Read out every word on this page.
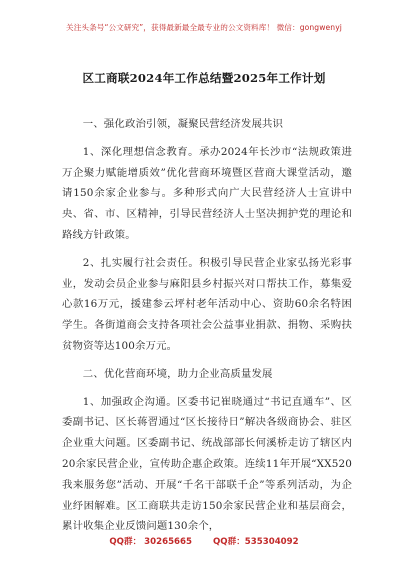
关注头条号“公文研究”，获得最新最全最专业的公文资料库！ 微信：gongwenyj
区工商联2024年工作总结暨2025年工作计划

一、强化政治引领，凝聚民营经济发展共识

1、深化理想信念教育。承办2024年长沙市“法规政策进万企聚力赋能增质效”优化营商环境暨区营商大课堂活动，邀请150余家企业参与。多种形式向广大民营经济人士宣讲中央、省、市、区精神，引导民营经济人士坚决拥护党的理论和路线方针政策。

2、扎实履行社会责任。积极引导民营企业家弘扬光彩事业，发动会员企业参与麻阳县乡村振兴对口帮扶工作，募集爱心款16万元，援建参云坪村老年活动中心、资助60余名特困学生。各街道商会支持各项社会公益事业捐款、捐物、采购扶贫物资等达100余万元。

二、优化营商环境，助力企业高质量发展

1、加强政企沟通。区委书记崔晓通过“书记直通车”、区委副书记、区长蒋習通过“区长接待日”解决各级商协会、驻区企业重大问题。区委副书记、统战部部长何溪桥走访了辖区内20余家民营企业，宣传助企惠企政策。连续11年开展“XX520我来服务您”活动、开展“千名干部联千企”等系列活动，为企业纾困解难。区工商联共走访150余家民营企业和基层商会，累计收集企业反馈问题130余个，

QQ群： 30265665 QQ群：535304092
